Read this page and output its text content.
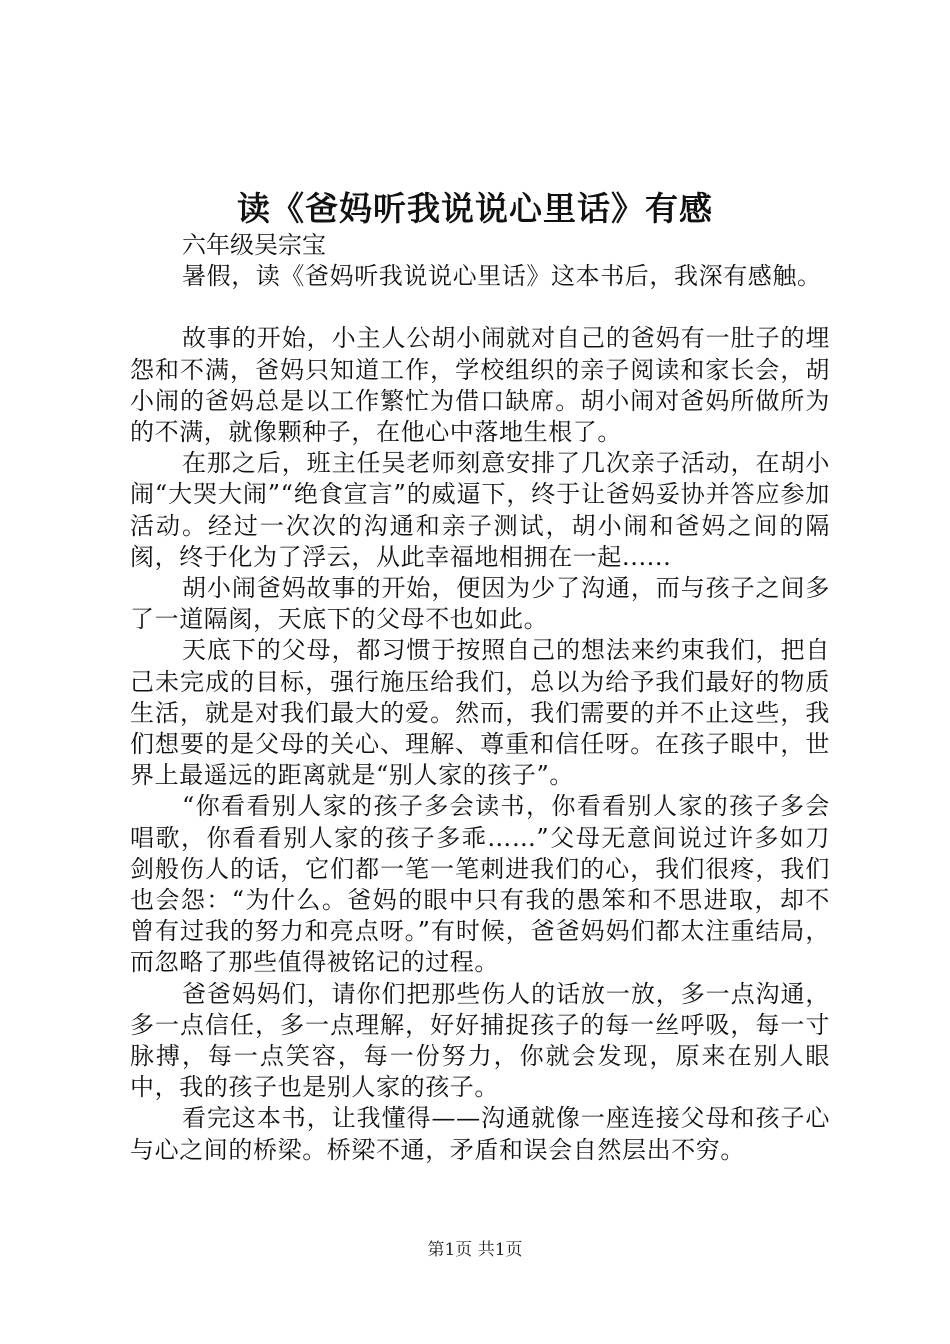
读《爸妈听我说说心里话》有感

六年级吴宗宝

暑假，读《爸妈听我说说心里话》这本书后，我深有感触。

故事的开始，小主人公胡小闹就对自己的爸妈有一肚子的埋怨和不满，爸妈只知道工作，学校组织的亲子阅读和家长会，胡小闹的爸妈总是以工作繁忙为借口缺席。胡小闹对爸妈所做所为的不满，就像颗种子，在他心中落地生根了。

在那之后，班主任吴老师刻意安排了几次亲子活动，在胡小闹“大哭大闹”“绝食宣言”的威逼下，终于让爸妈妥协并答应参加活动。经过一次次的沟通和亲子测试，胡小闹和爸妈之间的隔阂，终于化为了浮云，从此幸福地相拥在一起......

胡小闹爸妈故事的开始，便因为少了沟通，而与孩子之间多了一道隔阂，天底下的父母不也如此。

天底下的父母，都习惯于按照自己的想法来约束我们，把自己未完成的目标，强行施压给我们，总以为给予我们最好的物质生活，就是对我们最大的爱。然而，我们需要的并不止这些，我们想要的是父母的关心、理解、尊重和信任呀。在孩子眼中，世界上最遥远的距离就是“别人家的孩子”。

“你看看别人家的孩子多会读书，你看看别人家的孩子多会唱歌，你看看别人家的孩子多乖……”父母无意间说过许多如刀剑般伤人的话，它们都一笔一笔刺进我们的心，我们很疼，我们也会怨：“为什么。爸妈的眼中只有我的愚笨和不思进取，却不曾有过我的努力和亮点呀。”有时候，爸爸妈妈们都太注重结局，而忽略了那些值得被铭记的过程。

爸爸妈妈们，请你们把那些伤人的话放一放，多一点沟通，多一点信任，多一点理解，好好捕捉孩子的每一丝呼吸，每一寸脉搏，每一点笑容，每一份努力，你就会发现，原来在别人眼中，我的孩子也是别人家的孩子。

看完这本书，让我懂得——沟通就像一座连接父母和孩子心与心之间的桥梁。桥梁不通，矛盾和误会自然层出不穷。

第1页 共1页
